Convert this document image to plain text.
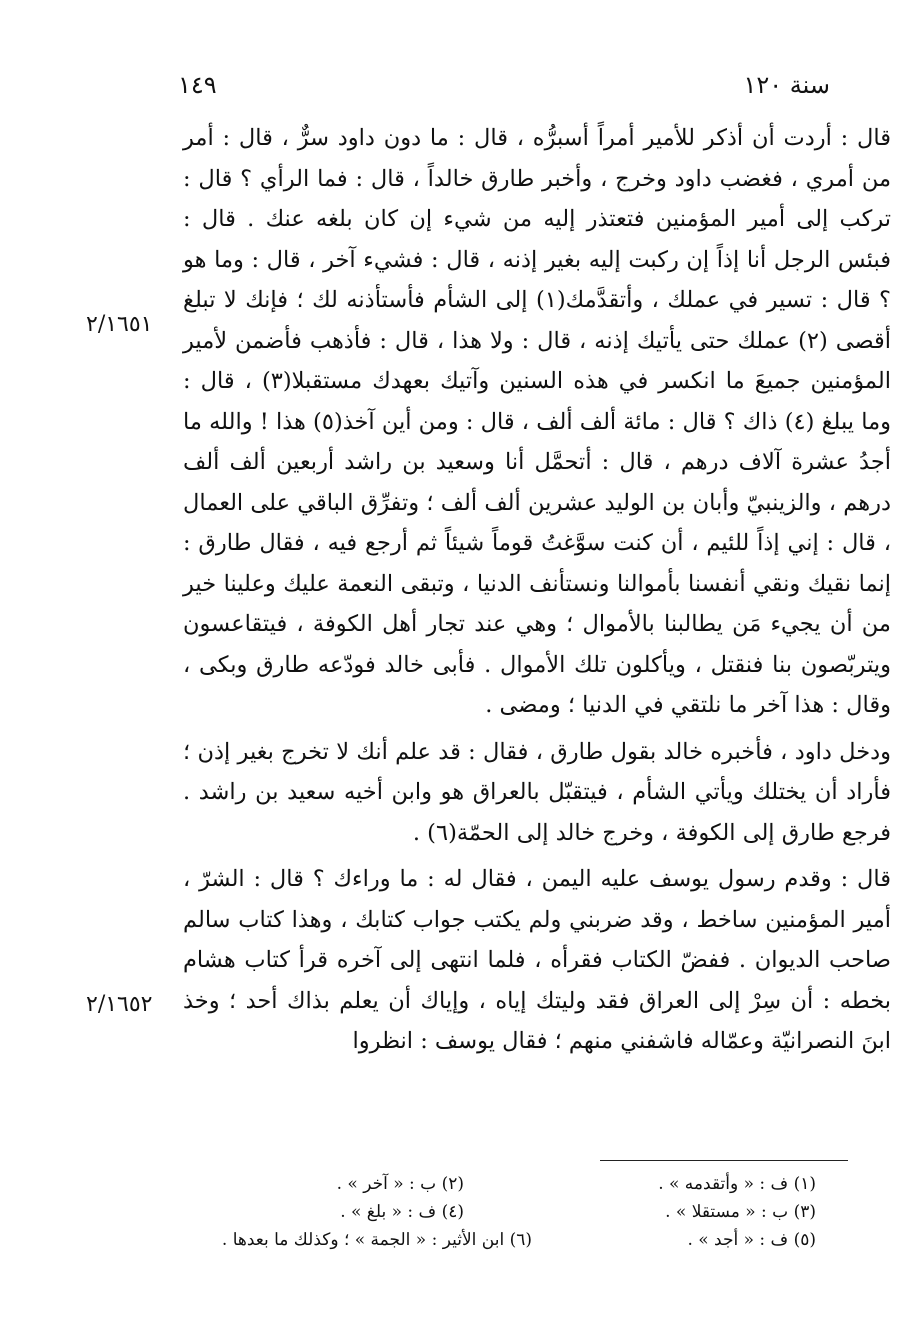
١٤٩	سنة ١٢٠

قال : أردت أن أذكر للأمير أمراً أسبرُّه ، قال : ما دون داود سرٌّ ، قال : أمر من أمري ، فغضب داود وخرج ، وأخبر طارق خالداً ، قال : فما الرأي ؟ قال : تركب إلى أمير المؤمنين فتعتذر إليه من شيء إن كان بلغه عنك . قال : فبئس الرجل أنا إذاً إن ركبت إليه بغير إذنه ، قال : فشيء آخر ، قال : وما هو ؟ قال : تسير في عملك ، وأتقدَّمك(١) إلى الشأم فأستأذنه لك ؛ فإنك لا تبلغ أقصى (٢) عملك حتى يأتيك إذنه ، قال : ولا هذا ، قال : فأذهب فأضمن لأمير المؤمنين جميعَ ما انكسر في هذه السنين وآتيك بعهدك مستقبلا(٣) ، قال : وما يبلغ (٤) ذاك ؟ قال : مائة ألف ألف ، قال : ومن أين آخذ(٥) هذا ! والله ما أجدُ عشرة آلاف درهم ، قال : أتحمَّل أنا وسعيد بن راشد أربعين ألف ألف درهم ، والزينبيّ وأبان بن الوليد عشرين ألف ألف ؛ وتفرِّق الباقي على العمال ، قال : إني إذاً للئيم ، أن كنت سوَّغتُ قوماً شيئاً ثم أرجع فيه ، فقال طارق : إنما نقيك ونقي أنفسنا بأموالنا ونستأنف الدنيا ، وتبقى النعمة عليك وعلينا خير من أن يجيء مَن يطالبنا بالأموال ؛ وهي عند تجار أهل الكوفة ، فيتقاعسون ويتربّصون بنا فنقتل ، ويأكلون تلك الأموال . فأبى خالد فودّعه طارق وبكى ، وقال : هذا آخر ما نلتقي في الدنيا ؛ ومضى .

ودخل داود ، فأخبره خالد بقول طارق ، فقال : قد علم أنك لا تخرج بغير إذن ؛ فأراد أن يختلك ويأتي الشأم ، فيتقبّل بالعراق هو وابن أخيه سعيد بن راشد . فرجع طارق إلى الكوفة ، وخرج خالد إلى الحمّة(٦) .

قال : وقدم رسول يوسف عليه اليمن ، فقال له : ما وراءك ؟ قال : الشرّ ، أمير المؤمنين ساخط ، وقد ضربني ولم يكتب جواب كتابك ، وهذا كتاب سالم صاحب الديوان . ففضّ الكتاب فقرأه ، فلما انتهى إلى آخره قرأ كتاب هشام بخطه : أن سِرْ إلى العراق فقد وليتك إياه ، وإياك أن يعلم بذاك أحد ؛ وخذ ابنَ النصرانيّة وعمّاله فاشفني منهم ؛ فقال يوسف : انظروا

٢/١٦٥١
٢/١٦٥٢
(١) ف : « وأتقدمه » .
(٢) ب : « آخر » .
(٣) ب : « مستقلا » .
(٤) ف : « بلغ » .
(٥) ف : « أجد » .
(٦) ابن الأثير : « الجمة » ؛ وكذلك ما بعدها .
